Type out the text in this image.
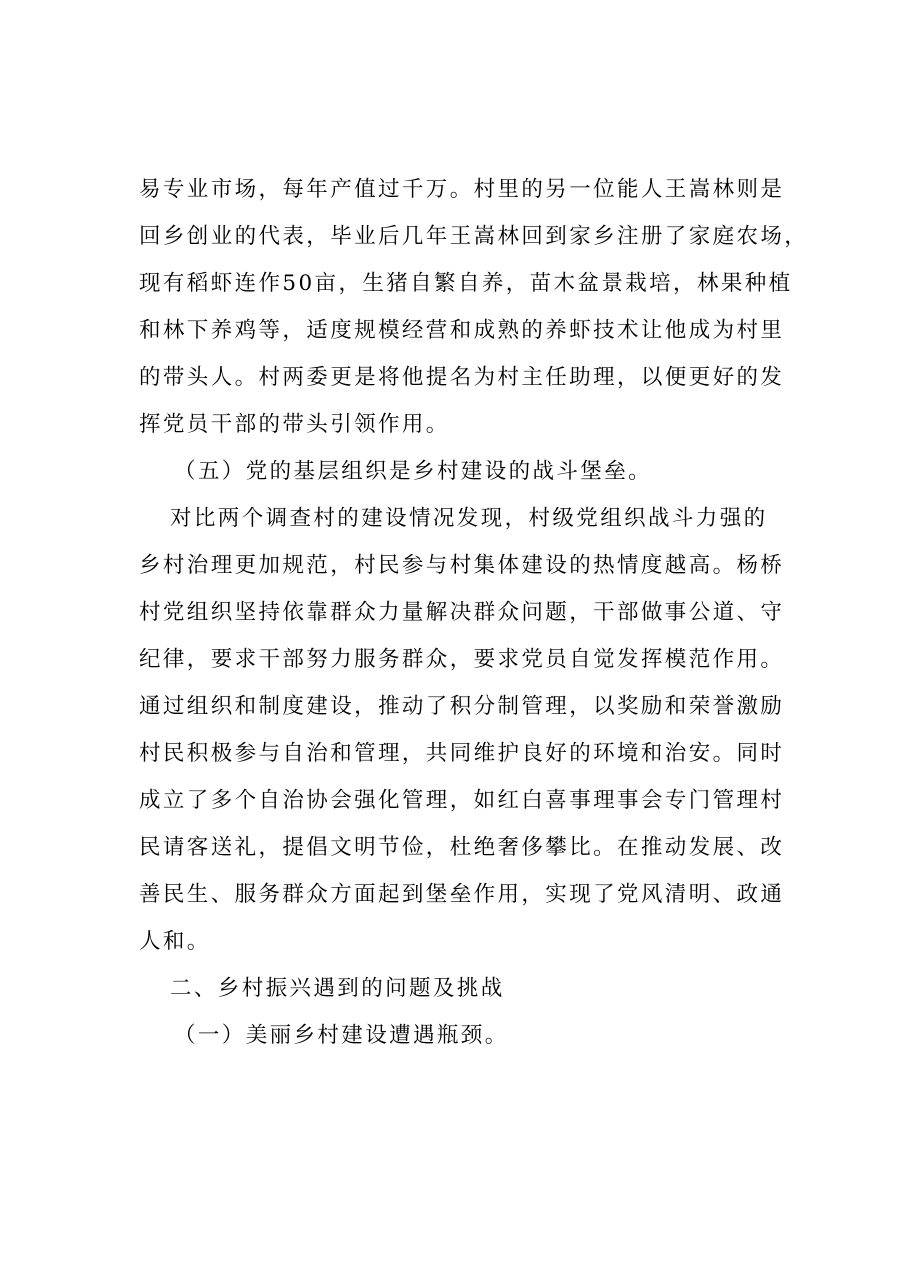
易专业市场，每年产值过千万。村里的另一位能人王嵩林则是
回乡创业的代表，毕业后几年王嵩林回到家乡注册了家庭农场，
现有稻虾连作50亩，生猪自繁自养，苗木盆景栽培，林果种植
和林下养鸡等，适度规模经营和成熟的养虾技术让他成为村里
的带头人。村两委更是将他提名为村主任助理，以便更好的发
挥党员干部的带头引领作用。
（五）党的基层组织是乡村建设的战斗堡垒。
对比两个调查村的建设情况发现，村级党组织战斗力强的
乡村治理更加规范，村民参与村集体建设的热情度越高。杨桥
村党组织坚持依靠群众力量解决群众问题，干部做事公道、守
纪律，要求干部努力服务群众，要求党员自觉发挥模范作用。
通过组织和制度建设，推动了积分制管理，以奖励和荣誉激励
村民积极参与自治和管理，共同维护良好的环境和治安。同时
成立了多个自治协会强化管理，如红白喜事理事会专门管理村
民请客送礼，提倡文明节俭，杜绝奢侈攀比。在推动发展、改
善民生、服务群众方面起到堡垒作用，实现了党风清明、政通
人和。
二、乡村振兴遇到的问题及挑战
（一）美丽乡村建设遭遇瓶颈。
